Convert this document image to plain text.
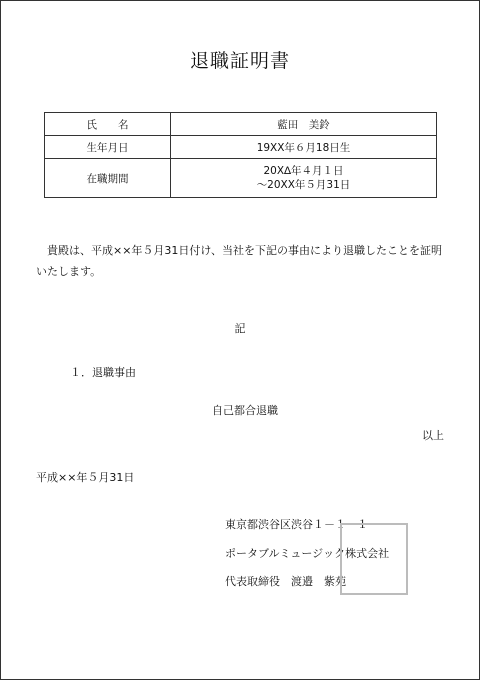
退職証明書
氏　　名	藍田　美鈴
生年月日	19XX年６月18日生
在職期間	20X∆年４月１日
～20XX年５月31日
　貴殿は、平成××年５月31日付け、当社を下記の事由により退職したことを証明いたします。
記
１．退職事由
自己都合退職
以上
平成××年５月31日
東京都渋谷区渋谷１－１－１
ポータブルミュージック株式会社
代表取締役　渡邉　紫苑
